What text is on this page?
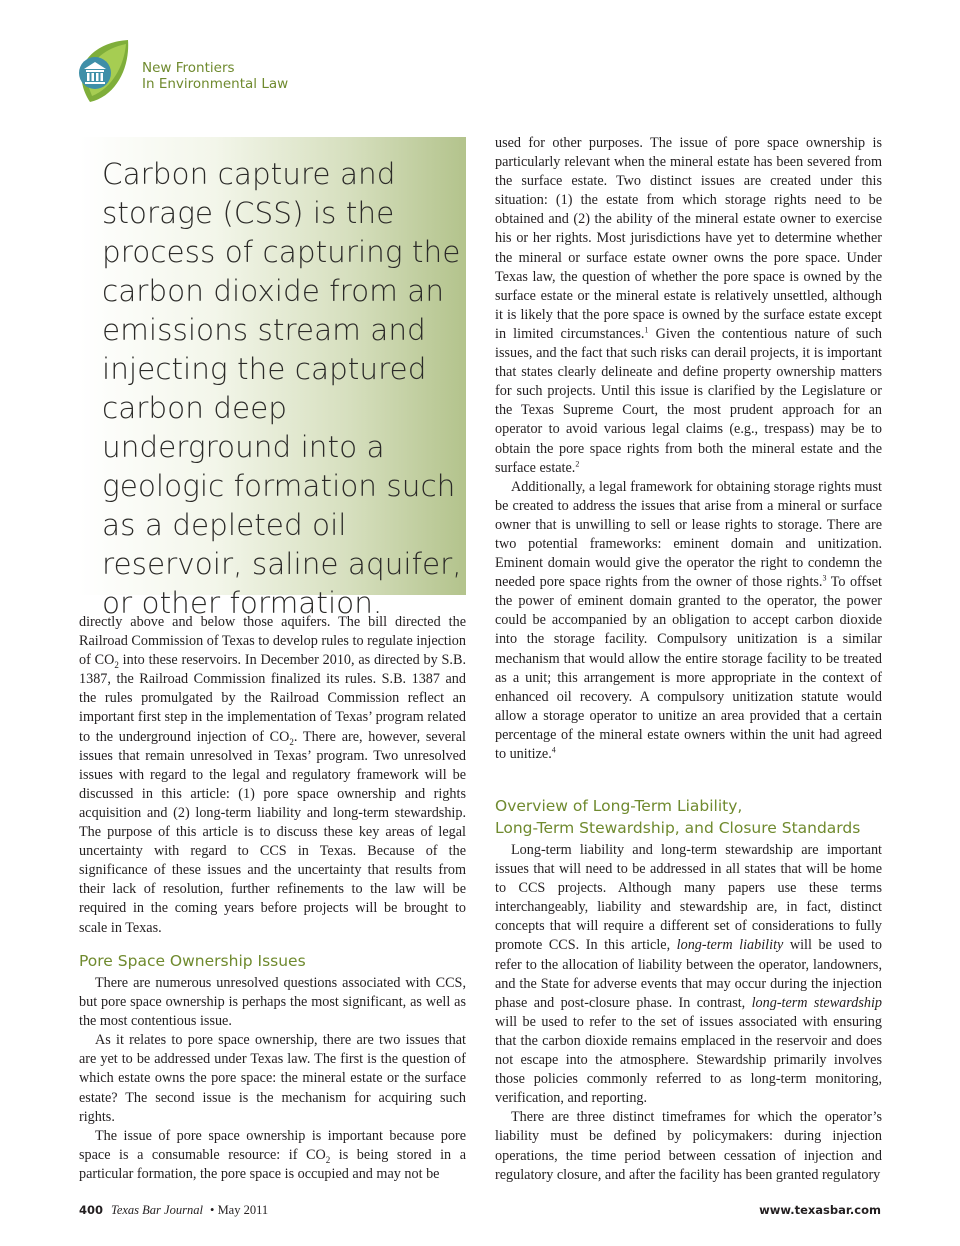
New Frontiers
In Environmental Law

Carbon capture and storage (CSS) is the process of capturing the carbon dioxide from an emissions stream and injecting the captured carbon deep underground into a geologic formation such as a depleted oil reservoir, saline aquifer, or other formation.

directly above and below those aquifers. The bill directed the Railroad Commission of Texas to develop rules to regulate injection of $CO_2$ into these reservoirs. In December 2010, as directed by S.B. 1387, the Railroad Commission finalized its rules. S.B. 1387 and the rules promulgated by the Railroad Commission reflect an important first step in the implementation of Texas’ program related to the underground injection of $CO_2$. There are, however, several issues that remain unresolved in Texas’ program. Two unresolved issues with regard to the legal and regulatory framework will be discussed in this article: (1) pore space ownership and rights acquisition and (2) long-term liability and long-term stewardship. The purpose of this article is to discuss these key areas of legal uncertainty with regard to CCS in Texas. Because of the significance of these issues and the uncertainty that results from their lack of resolution, further refinements to the law will be required in the coming years before projects will be brought to scale in Texas.

Pore Space Ownership Issues

There are numerous unresolved questions associated with CCS, but pore space ownership is perhaps the most significant, as well as the most contentious issue.

As it relates to pore space ownership, there are two issues that are yet to be addressed under Texas law. The first is the question of which estate owns the pore space: the mineral estate or the surface estate? The second issue is the mechanism for acquiring such rights.

The issue of pore space ownership is important because pore space is a consumable resource: if $CO_2$ is being stored in a particular formation, the pore space is occupied and may not be

used for other purposes. The issue of pore space ownership is particularly relevant when the mineral estate has been severed from the surface estate. Two distinct issues are created under this situation: (1) the estate from which storage rights need to be obtained and (2) the ability of the mineral estate owner to exercise his or her rights. Most jurisdictions have yet to determine whether the mineral or surface estate owner owns the pore space. Under Texas law, the question of whether the pore space is owned by the surface estate or the mineral estate is relatively unsettled, although it is likely that the pore space is owned by the surface estate except in limited circumstances.$^1$ Given the contentious nature of such issues, and the fact that such risks can derail projects, it is important that states clearly delineate and define property ownership matters for such projects. Until this issue is clarified by the Legislature or the Texas Supreme Court, the most prudent approach for an operator to avoid various legal claims (e.g., trespass) may be to obtain the pore space rights from both the mineral estate and the surface estate.$^2$

Additionally, a legal framework for obtaining storage rights must be created to address the issues that arise from a mineral or surface owner that is unwilling to sell or lease rights to storage. There are two potential frameworks: eminent domain and unitization. Eminent domain would give the operator the right to condemn the needed pore space rights from the owner of those rights.$^3$ To offset the power of eminent domain granted to the operator, the power could be accompanied by an obligation to accept carbon dioxide into the storage facility. Compulsory unitization is a similar mechanism that would allow the entire storage facility to be treated as a unit; this arrangement is more appropriate in the context of enhanced oil recovery. A compulsory unitization statute would allow a storage operator to unitize an area provided that a certain percentage of the mineral estate owners within the unit had agreed to unitize.$^4$

Overview of Long-Term Liability,
Long-Term Stewardship, and Closure Standards

Long-term liability and long-term stewardship are important issues that will need to be addressed in all states that will be home to CCS projects. Although many papers use these terms interchangeably, liability and stewardship are, in fact, distinct concepts that will require a different set of considerations to fully promote CCS. In this article, long-term liability will be used to refer to the allocation of liability between the operator, landowners, and the State for adverse events that may occur during the injection phase and post-closure phase. In contrast, long-term stewardship will be used to refer to the set of issues associated with ensuring that the carbon dioxide remains emplaced in the reservoir and does not escape into the atmosphere. Stewardship primarily involves those policies commonly referred to as long-term monitoring, verification, and reporting.

There are three distinct timeframes for which the operator’s liability must be defined by policymakers: during injection operations, the time period between cessation of injection and regulatory closure, and after the facility has been granted regulatory

400 Texas Bar Journal • May 2011	www.texasbar.com
